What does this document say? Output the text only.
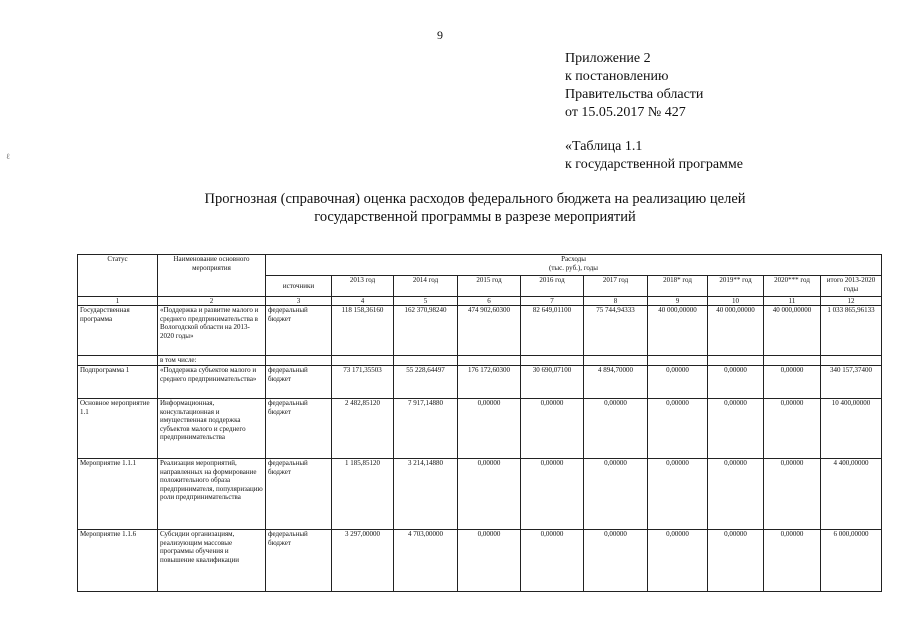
9
ℓ
Приложение 2
к постановлению
Правительства области
от 15.05.2017 № 427
«Таблица 1.1
к государственной программе
Прогнозная (справочная) оценка расходов федерального бюджета на реализацию целей
государственной программы в разрезе мероприятий
Статус	Наименование основного мероприятия	Расходы
(тыс. руб.), годы									

		источники	2013 год	2014 год	2015 год	2016 год	2017 год	2018* год	2019** год	2020*** год	итого 2013-2020 годы
1	2	3	4	5	6	7	8	9	10	11	12
Государственная программа	«Поддержка и развитие малого и среднего предпринимательства в Вологодской области на 2013-2020 годы»	федеральный бюджет	118 158,36160	162 370,98240	474 902,60300	82 649,01100	75 744,94333	40 000,00000	40 000,00000	40 000,00000	1 033 865,96133
	в том числе:										
Подпрограмма 1	«Поддержка субъектов малого и среднего предпринимательства»	федеральный бюджет	73 171,35503	55 228,64497	176 172,60300	30 690,07100	4 894,70000	0,00000	0,00000	0,00000	340 157,37400
Основное мероприятие 1.1	Информационная, консультационная и имущественная поддержка субъектов малого и среднего предпринимательства	федеральный бюджет	2 482,85120	7 917,14880	0,00000	0,00000	0,00000	0,00000	0,00000	0,00000	10 400,00000
Мероприятие 1.1.1	Реализация мероприятий, направленных на формирование положительного образа предпринимателя, популяризацию роли предпринимательства	федеральный бюджет	1 185,85120	3 214,14880	0,00000	0,00000	0,00000	0,00000	0,00000	0,00000	4 400,00000
Мероприятие 1.1.6	Субсидии организациям, реализующим массовые программы обучения и повышение квалификации	федеральный бюджет	3 297,00000	4 703,00000	0,00000	0,00000	0,00000	0,00000	0,00000	0,00000	6 000,00000
